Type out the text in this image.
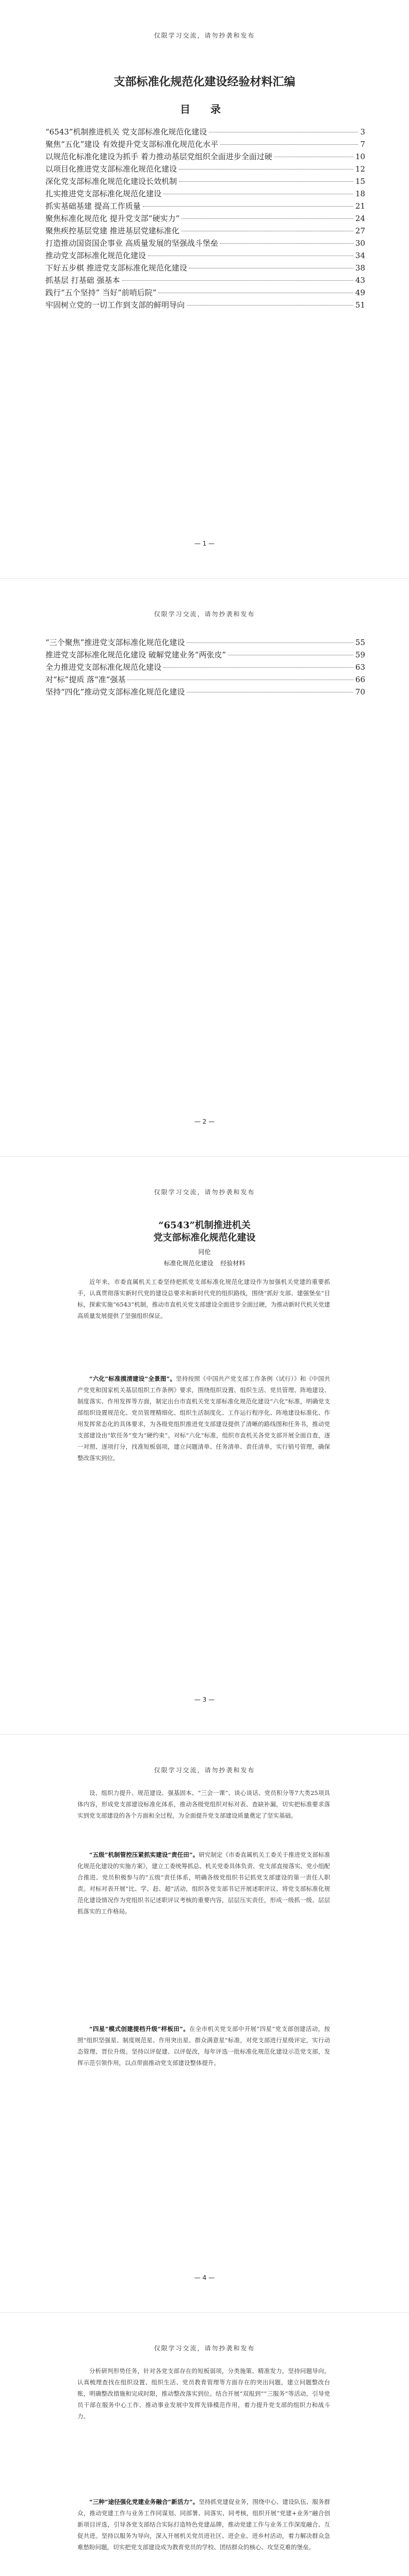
仅限学习交流，请勿抄袭和发布
支部标准化规范化建设经验材料汇编
目 录
“6543”机制推进机关 党支部标准化规范化建设	3
聚焦“五化”建设 有效提升党支部标准化规范化水平	7
以规范化标准化建设为抓手 着力推动基层党组织全面进步全面过硬	10
以项目化推进党支部标准化规范化建设	12
深化党支部标准化规范化建设长效机制	15
扎实推进党支部标准化规范化建设	18
抓实基础基建 提高工作质量	21
聚焦标准化规范化 提升党支部“硬实力”	24
聚焦疾控基层党建 推进基层党建标准化	27
打造推动国资国企事业 高质量发展的坚强战斗堡垒	30
推动党支部标准化规范化建设	34
下好五步棋 推进党支部标准化规范化建设	38
抓基层 打基础 强基本	43
践行“五个坚持” 当好“前哨后院”	49
牢固树立党的一切工作到支部的鲜明导向	51
— 1 —
仅限学习交流，请勿抄袭和发布
“三个聚焦”推进党支部标准化规范化建设	55
推进党支部标准化规范化建设 破解党建业务“两张皮”	59
全力推进党支部标准化规范化建设	63
对“标”提质 落“准”强基	66
坚持“四化”推动党支部标准化规范化建设	70
— 2 —
仅限学习交流，请勿抄袭和发布
“6543”机制推进机关
党支部标准化规范化建设
同伦
标准化规范化建设 经验材料

近年来，市委直属机关工委坚持把抓党支部标准化规范化建设作为加强机关党建的重要抓手，认真贯彻落实新时代党的建设总要求和新时代党的组织路线，围绕“抓好支部、建强堡垒”目标，探索实施“6543”机制，推动市直机关党支部建设全面进步全面过硬，为推动新时代机关党建高质量发展提供了坚强组织保证。

“六化”标准摸清建设“全景图”。坚持按照《中国共产党支部工作条例（试行）》和《中国共产党党和国家机关基层组织工作条例》要求，围绕组织设置、组织生活、党员管理、阵地建设、制度落实、作用发挥等方面，制定出台市直机关党支部标准化规范化建设“六化”标准，明确党支部组织设置规范化、党员管理精细化、组织生活制度化、工作运行程序化、阵地建设标准化、作用发挥常态化的具体要求，为各级党组织推进党支部建设提供了清晰的路线图和任务书，推动党支部建设由“软任务”变为“硬约束”。对标“六化”标准，组织市直机关各党支部开展全面自查，逐一对照、逐项打分，找准短板弱项，建立问题清单、任务清单、责任清单，实行销号管理，确保整改落实到位。

— 3 —
仅限学习交流，请勿抄袭和发布

设、组织力提升、规范建设、强基固本、“三会一课”、谈心谈话、党员积分等7大类25项具体内容，形成党支部建设标准化体系，推动各级党组织对标对表、查缺补漏，切实把标准要求落实到党支部建设的各个方面和全过程，为全面提升党支部建设质量奠定了坚实基础。

“五级”机制管控压紧抓实建设“责任田”。研究制定《市委直属机关工委关于推进党支部标准化规范化建设的实施方案》，建立工委统筹抓总、机关党委具体负责、党支部直接落实、党小组配合推进、党员积极参与的“五级”责任体系，明确各级党组织书记抓党支部建设的第一责任人职责。对标对表开展“比、学、赶、超”活动，组织各党支部书记开展述职评议，将党支部标准化规范化建设情况作为党组织书记述职评议考核的重要内容，层层压实责任，形成一级抓一级、层层抓落实的工作格局。

“四星”模式创建提档升级“样板田”。在全市机关党支部中开展“四星”党支部创建活动，按照“组织坚强星、制度规范星、作用突出星、群众满意星”标准，对党支部进行星级评定，实行动态管理、晋位升级。坚持以评促建、以评促改，每年评选一批标准化规范化建设示范党支部，发挥示范引领作用，以点带面推动党支部建设整体提升。

— 4 —
仅限学习交流，请勿抄袭和发布

分析研判形势任务，针对各党支部存在的短板弱项，分类施策、精准发力，坚持问题导向，认真梳理查找在组织设置、组织生活、党员教育管理等方面存在的突出问题，建立问题整改台账，明确整改措施和完成时限，推动整改落实到位。结合开展“双报到”“三服务”等活动，引导党员干部在服务中心工作、推动事业发展中发挥先锋模范作用，着力提升党支部的组织力和战斗力。

“三种”途径强化党建业务融合“新活力”。坚持抓党建促业务，围绕中心、建设队伍、服务群众，推动党建工作与业务工作同谋划、同部署、同落实、同考核，组织开展“党建+业务”融合创新项目评选，引导各党支部结合实际打造特色党建品牌，推动党建工作与业务工作深度融合、互促共进。坚持以服务为导向，深入开展机关党员进社区、进企业、进乡村活动，着力解决群众急难愁盼问题，切实把党支部建设成为教育党员的学校、团结群众的核心、攻坚克难的堡垒。
